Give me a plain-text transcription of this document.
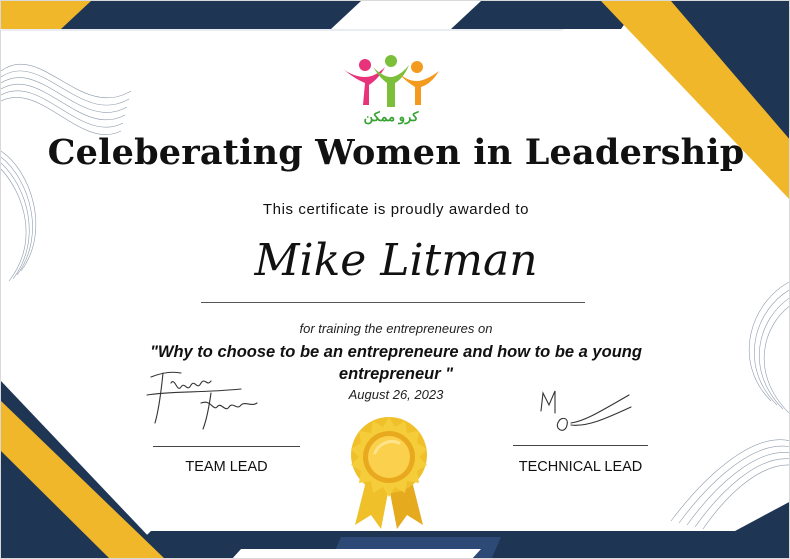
كرو ممكن
Celeberating Women in Leadership
This certificate is proudly awarded to
Mike Litman
for training the entrepreneures on
"Why to choose to be an entrepreneure and how to be a young entrepreneur "
August 26, 2023
TEAM LEAD	TECHNICAL LEAD
